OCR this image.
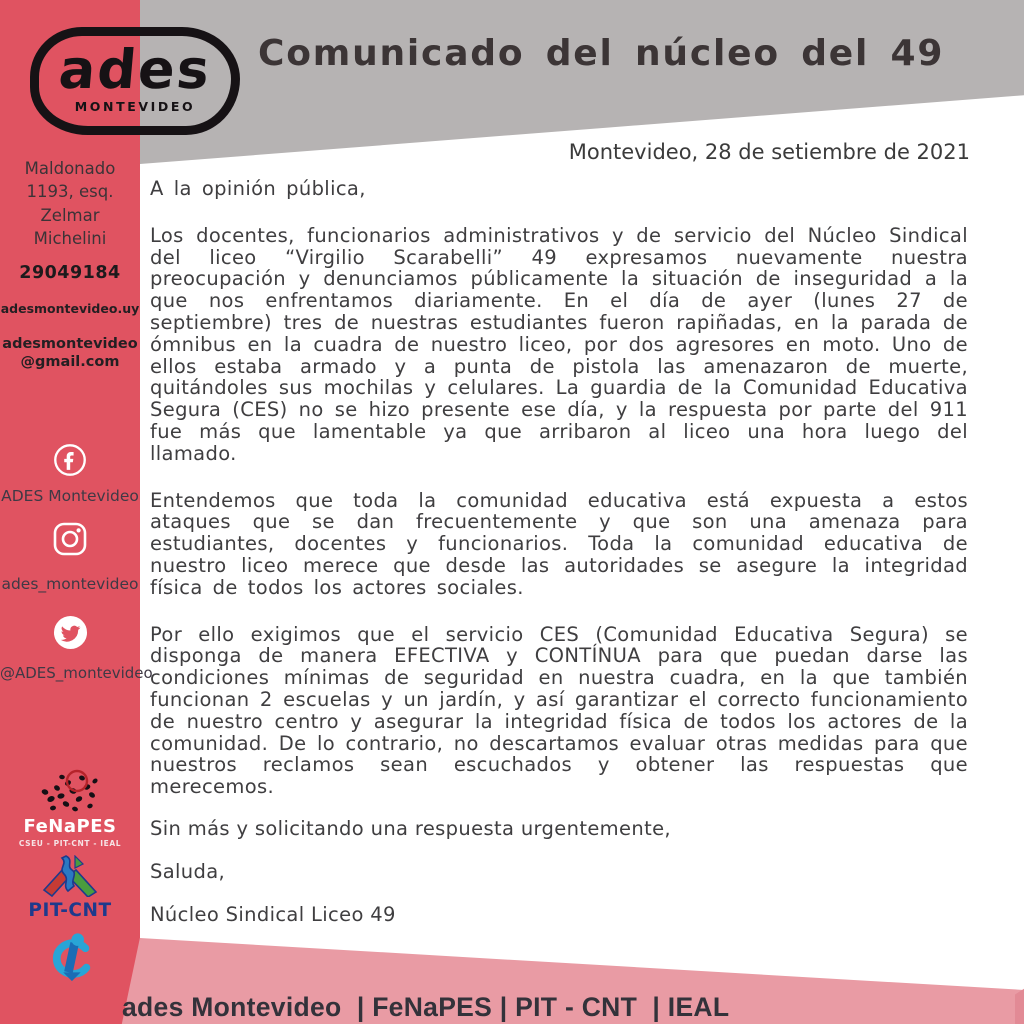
Maldonado
1193, esq.
Zelmar
Michelini
29049184
adesmontevideo.uy
adesmontevideo
@gmail.com
ADES Montevideo
ades_montevideo
@ADES_montevideo
FeNaPES
CSEU - PIT-CNT - IEAL
PIT-CNT
ades
MONTEVIDEO
Comunicado del núcleo del 49
Montevideo, 28 de setiembre de 2021

A la opinión pública,

Los docentes, funcionarios administrativos y de servicio del Núcleo Sindical del liceo “Virgilio Scarabelli” 49 expresamos nuevamente nuestra preocupación y denunciamos públicamente la situación de inseguridad a la que nos enfrentamos diariamente. En el día de ayer (lunes 27 de septiembre) tres de nuestras estudiantes fueron rapiñadas, en la parada de ómnibus en la cuadra de nuestro liceo, por dos agresores en moto. Uno de ellos estaba armado y a punta de pistola las amenazaron de muerte, quitándoles sus mochilas y celulares. La guardia de la Comunidad Educativa Segura (CES) no se hizo presente ese día, y la respuesta por parte del 911 fue más que lamentable ya que arribaron al liceo una hora luego del llamado.

Entendemos que toda la comunidad educativa está expuesta a estos ataques que se dan frecuentemente y que son una amenaza para estudiantes, docentes y funcionarios. Toda la comunidad educativa de nuestro liceo merece que desde las autoridades se asegure la integridad física de todos los actores sociales.

Por ello exigimos que el servicio CES (Comunidad Educativa Segura) se disponga de manera EFECTIVA y CONTÍNUA para que puedan darse las condiciones mínimas de seguridad en nuestra cuadra, en la que también funcionan 2 escuelas y un jardín, y así garantizar el correcto funcionamiento de nuestro centro y asegurar la integridad física de todos los actores de la comunidad. De lo contrario, no descartamos evaluar otras medidas para que nuestros reclamos sean escuchados y obtener las respuestas que merecemos.

Sin más y solicitando una respuesta urgentemente,
Saluda,
Núcleo Sindical Liceo 49
ades Montevideo  | FeNaPES | PIT - CNT  | IEAL
